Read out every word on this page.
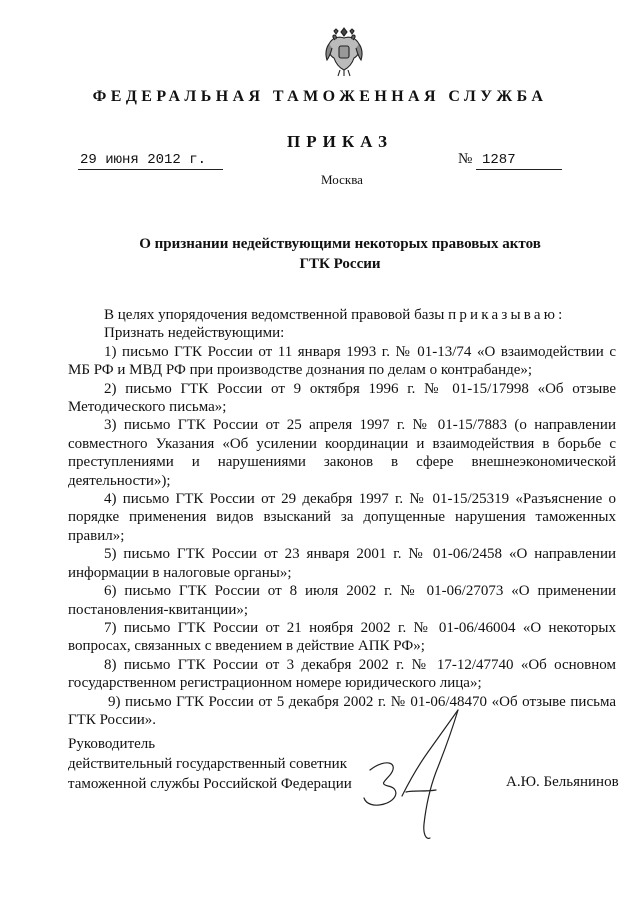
ФЕДЕРАЛЬНАЯ ТАМОЖЕННАЯ СЛУЖБА
ПРИКАЗ
29 июня 2012 г.	№ 1287
Москва
О признании недействующими некоторых правовых актов
ГТК России

В целях упорядочения ведомственной правовой базы приказываю:

Признать недействующими:

1) письмо ГТК России от 11 января 1993 г. № 01-13/74 «О взаимодействии с МБ РФ и МВД РФ при производстве дознания по делам о контрабанде»;

2) письмо ГТК России от 9 октября 1996 г. № 01-15/17998 «Об отзыве Методического письма»;

3) письмо ГТК России от 25 апреля 1997 г. № 01-15/7883 (о направлении совместного Указания «Об усилении координации и взаимодействия в борьбе с преступлениями и нарушениями законов в сфере внешнеэкономической деятельности»);

4) письмо ГТК России от 29 декабря 1997 г. № 01-15/25319 «Разъяснение о порядке применения видов взысканий за допущенные нарушения таможенных правил»;

5) письмо ГТК России от 23 января 2001 г. № 01-06/2458 «О направлении информации в налоговые органы»;

6) письмо ГТК России от 8 июля 2002 г. № 01-06/27073 «О применении постановления-квитанции»;

7) письмо ГТК России от 21 ноября 2002 г. № 01-06/46004 «О некоторых вопросах, связанных с введением в действие АПК РФ»;

8) письмо ГТК России от 3 декабря 2002 г. № 17-12/47740 «Об основном государственном регистрационном номере юридического лица»;

9) письмо ГТК России от 5 декабря 2002 г. № 01-06/48470 «Об отзыве письма ГТК России».

Руководитель
действительный государственный советник
таможенной службы Российской Федерации	А.Ю. Бельянинов
